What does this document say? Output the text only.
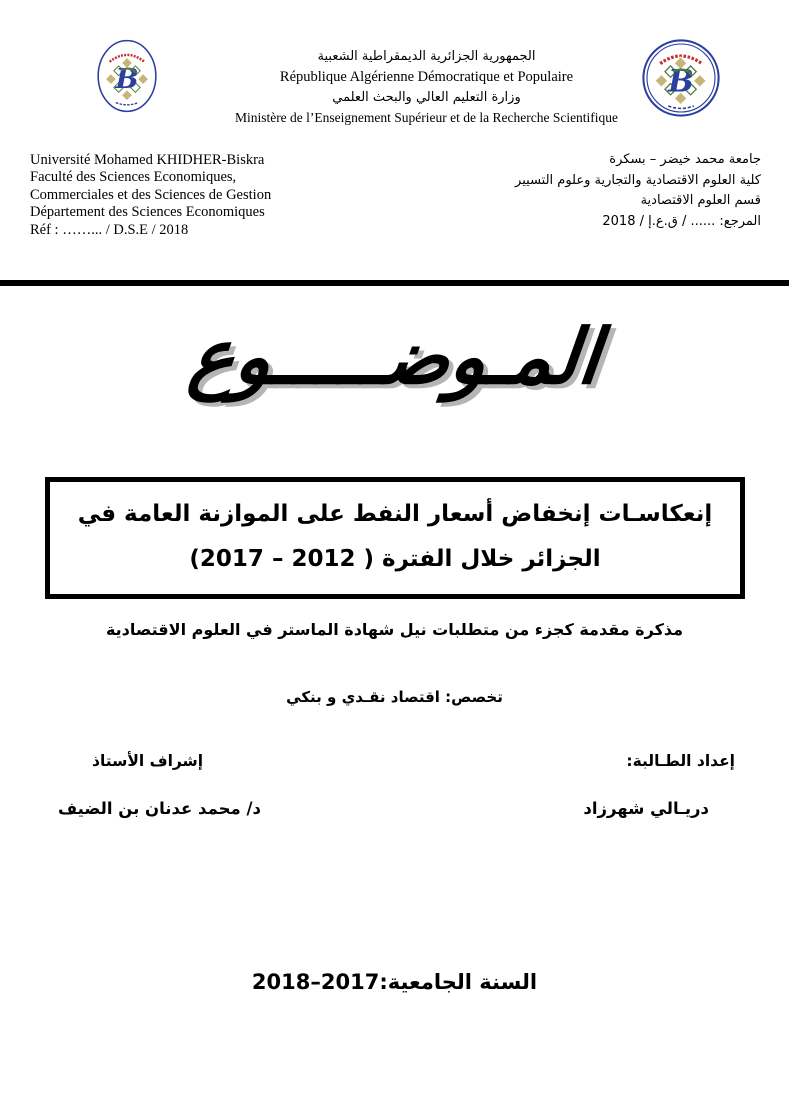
الجمهورية الجزائرية الديمقراطية الشعبية
République Algérienne Démocratique et Populaire
وزارة التعليم العالي والبحث العلمي
Ministère de l’Enseignement Supérieur et de la Recherche Scientifique
B	B
Université Mohamed KHIDHER-Biskra
Faculté des Sciences Economiques,
Commerciales et des Sciences de Gestion
Département des Sciences Economiques
Réf : ……... / D.S.E / 2018
جامعة محمد خيضر – بسكرة
كلية العلوم الاقتصادية والتجارية وعلوم التسيير
قسم العلوم الاقتصادية
المرجع: ...... / ق.ع.إ / 2018
المـوضـــــوع
إنعكاسـات إنخفاض أسعار النفط على الموازنة العامة في
الجزائر خلال الفترة ( 2012 – 2017)
مذكرة مقدمة كجزء من متطلبات نيل شهادة الماستر في العلوم الاقتصادية
تخصص: اقتصاد نقـدي و بنكي
إعداد الطـالبة:
إشراف الأستاذ
دريـالي شهرزاد
د/ محمد عدنان بن الضيف
السنة الجامعية:2017–2018
